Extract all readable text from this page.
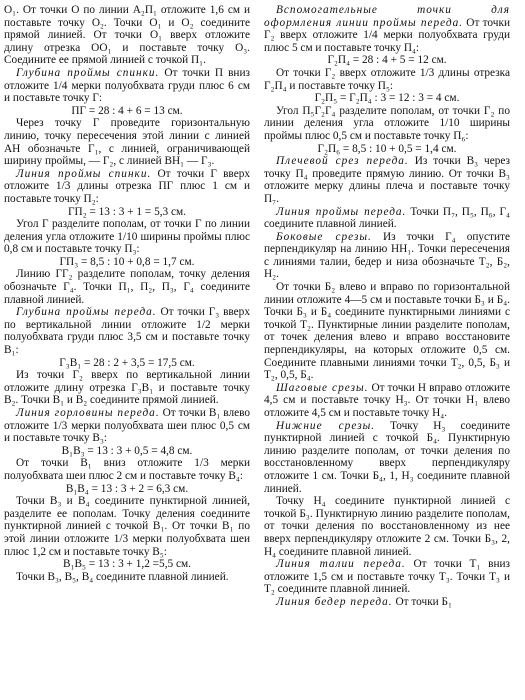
О₁. От точки О по линии А₂П₁ отложите 1,6 см и поставьте точку О₂. Точки О₁ и О₂ соедините прямой линией. От точки О₁ вверх отложите длину отрезка ОО₁ и поставьте точку О₃. Соедините ее прямой линией с точкой П₁.

Глубина проймы спинки. От точки П вниз отложите 1/4 мерки полуобхвата груди плюс 6 см и поставьте точку Г:

ПГ = 28 : 4 + 6 = 13 см.

Через точку Г проведите горизонтальную линию, точку пересечения этой линии с линией АН обозначьте Г₁, с линией, ограничивающей ширину проймы, — Г₂, с линией ВН₁ — Г₃.

Линия проймы спинки. От точки Г вверх отложите 1/3 длины отрезка ПГ плюс 1 см и поставьте точку П₂:

ГП₂ = 13 : 3 + 1 = 5,3 см.

Угол Г разделите пополам, от точки Г по линии деления угла отложите 1/10 ширины проймы плюс 0,8 см и поставьте точку П₃:

ГП₃ = 8,5 : 10 + 0,8 = 1,7 см.

Линию ГГ₂ разделите пополам, точку деления обозначьте Г₄. Точки П₁, П₂, П₃, Г₄ соедините плавной линией.

Глубина проймы переда. От точки Г₃ вверх по вертикальной линии отложите 1/2 мерки полуобхвата груди плюс 3,5 см и поставьте точку В₁:

Г₃В₁ = 28 : 2 + 3,5 = 17,5 см.

Из точки Г₂ вверх по вертикальной линии отложите длину отрезка Г₃В₁ и поставьте точку В₂. Точки В₁ и В₂ соедините прямой линией.

Линия горловины переда. От точки В₁ влево отложите 1/3 мерки полуобхвата шеи плюс 0,5 см и поставьте точку В₃:

В₁В₃ = 13 : 3 + 0,5 = 4,8 см.

От точки В₁ вниз отложите 1/3 мерки полуобхвата шеи плюс 2 см и поставьте точку В₄:

В₁В₄ = 13 : 3 + 2 = 6,3 см.

Точки В₃ и В₄ соедините пунктирной линией, разделите ее пополам. Точку деления соедините пунктирной линией с точкой В₁. От точки В₁ по этой линии отложите 1/3 мерки полуобхвата шеи плюс 1,2 см и поставьте точку В₅:

В₁В₅ = 13 : 3 + 1,2 =5,5 см.

Точки В₃, В₅, В₄ соедините плавной линией.

Вспомогательные точки для оформления линии проймы переда. От точки Г₂ вверх отложите 1/4 мерки полуобхвата груди плюс 5 см и поставьте точку П₄:

Г₂П₄ = 28 : 4 + 5 = 12 см.

От точки Г₂ вверх отложите 1/3 длины отрезка Г₂П₄ и поставьте точку П₅:

Г₂П₅ = Г₂П₄ : 3 = 12 : 3 = 4 см.

Угол П₅Г₂Г₄ разделите пополам, от точки Г₂ по линии деления угла отложите 1/10 ширины проймы плюс 0,5 см и поставьте точку П₆:

Г₂П₆ = 8,5 : 10 + 0,5 = 1,4 см.

Плечевой срез переда. Из точки В₃ через точку П₄ проведите прямую линию. От точки В₃ отложите мерку длины плеча и поставьте точку П₇.

Линия проймы переда. Точки П₇, П₅, П₆, Г₄ соедините плавной линией.

Боковые срезы. Из точки Г₄ опустите перпендикуляр на линию НН₁. Точки пересечения с линиями талии, бедер и низа обозначьте Т₂, Б₂, Н₂.

От точки Б₂ влево и вправо по горизонтальной линии отложите 4—5 см и поставьте точки Б₃ и Б₄. Точки Б₃ и Б₄ соедините пунктирными линиями с точкой Т₂. Пунктирные линии разделите пополам, от точек деления влево и вправо восстановите перпендикуляры, на которых отложите 0,5 см. Соедините плавными линиями точки Т₂, 0,5, Б₃ и Т₂, 0,5, Б₄.

Шаговые срезы. От точки Н вправо отложите 4,5 см и поставьте точку Н₃. От точки Н₁ влево отложите 4,5 см и поставьте точку Н₄.

Нижние срезы. Точку Н₃ соедините пунктирной линией с точкой Б₄. Пунктирную линию разделите пополам, от точки деления по восстановленному вверх перпендикуляру отложите 1 см. Точки Б₄, 1, Н₃ соедините плавной линией.

Точку Н₄ соедините пунктирной линией с точкой Б₃. Пунктирную линию разделите пополам, от точки деления по восстановленному из нее вверх перпендикуляру отложите 2 см. Точки Б₃, 2, Н₄ соедините плавной линией.

Линия талии переда. От точки Т₁ вниз отложите 1,5 см и поставьте точку Т₃. Точки Т₃ и Т₂ соедините плавной линией.

Линия бедер переда. От точки Б₁
